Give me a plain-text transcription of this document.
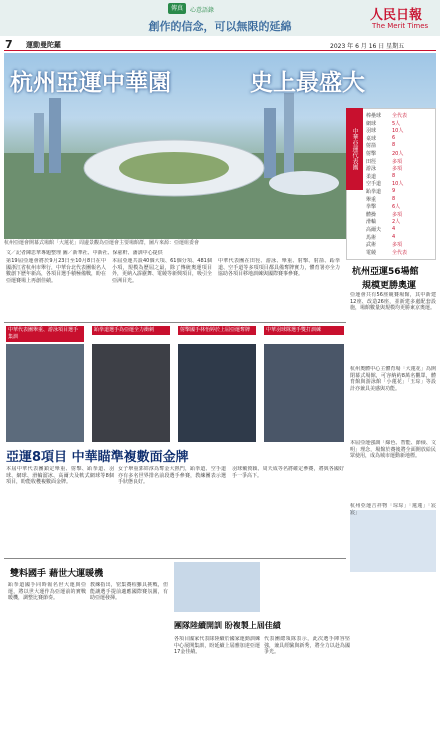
傳真	心意語錄
創作的信念，可以無限的延綿
人民日報
The Merit Times
7 運動曼陀羅	2023 年 6 月 16 日 星期五
杭州亞運中華園	史上最盛大
杭州亞運會開幕式場館「大蓮花」周邊景觀為亞運會主要場館群，圖片來源：亞運組委會
中華亞運代表團
棒壘球 全代表
網球	5人
羽球	10人
桌球	6
射箭	8
射擊	20人
田徑	多項
游泳	多項
柔道	8
空手道 10人
跆拳道 9
舉重	8
拳擊	6人
體操	多項
滑輪	2人
高爾夫 4
馬術	4
武術	多項
電競	全代表
文／記者陳思華專題整理 圖／新華社、中新社、保慈軒、潘訓中心提供
第19屆亞運會將於9月23日至10月8日在中國浙江省杭州市舉行，中華台北代表團報名人數創下歷年新高，各項目選手積極備戰，盼在亞運賽場上再創佳績。
本屆亞運共設40個大項、61個分項、481個小項，規模為歷屆之最，除了傳統奧運項目外，更納入霹靂舞、電競等新興項目，吸引全亞洲目光。
中華代表團在田徑、游泳、舉重、射擊、射箭、跆拳道、空手道等多項項目都具備奪牌實力，體育署亦全力協助各項目移地訓練與國際賽事參賽。	杭州亞運56場館
規模更勝奧運
亞運會共有56座競賽場館，其中新建12座、改造26座，並新建多處配套設施，場館數量與規模均更勝東京奧運。
杭州奧體中心主體育場「大蓮花」為開閉幕式場館，可容納約8萬名觀眾，體育館與游泳館「小蓮花」「玉琮」等設計亦兼具美感與功能。
本屆亞運強調「綠色、智能、節儉、文明」理念，場館於賽後將全面開放給民眾使用，成為城市運動新地標。
杭州亞運吉祥物「琮琮」「蓮蓮」「宸宸」
中華代表團舉重、游泳項目選手集訓
跆拳道選手為亞運全力衝刺	射擊國手林怡婷於上屆亞運奪牌	中華羽球隊選手雙打訓練
亞運8項目 中華瞄準複數面金牌
本屆中華代表團鎖定舉重、射擊、跆拳道、羽球、網球、滑輪溜冰、高爾夫及軟式網球等8個項目，盼能收穫複數面金牌。
女子舉重郭婞淳為奪金大熱門，跆拳道、空手道亦有多名世界排名前段選手參賽，教練團表示選手狀態良好。
羽球戴資穎、周天成等名將確定參賽，將與各國好手一爭高下。
雙料國手 藉世大運暖機
跆拳道國手同時報名世大運與亞運，將以世大運作為亞運前的實戰暖機，調整比賽節奏。
教練指出，密集賽程雖具挑戰，但能讓選手提前適應國際賽氛圍，有助亞運發揮。
團隊陸續開訓 盼複製上屆佳績
各項目國家代表隊陸續於國家運動訓練中心展開集訓，盼延續上屆雅加達亞運17金佳績。
代表團總領隊表示，此次選手陣容堅強，兼具經驗與新秀，將全力以赴為國爭光。
